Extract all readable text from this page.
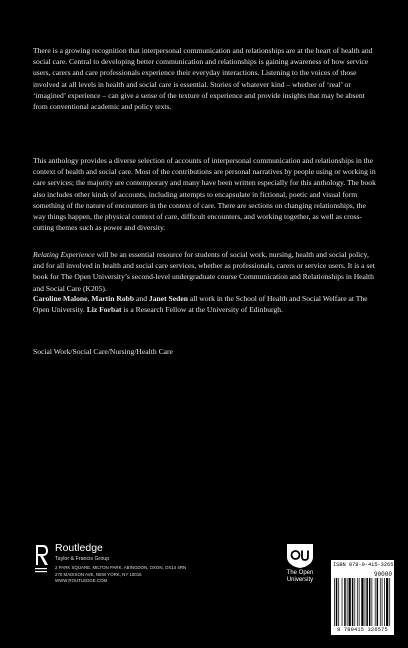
There is a growing recognition that interpersonal communication and relationships are at the heart of health and social care. Central to developing better communication and relationships is gaining awareness of how service users, carers and care professionals experience their everyday interactions. Listening to the voices of those involved at all levels in health and social care is essential. Stories of whatever kind – whether of ‘real’ or ‘imagined’ experience – can give a sense of the texture of experience and provide insights that may be absent from conventional academic and policy texts.
This anthology provides a diverse selection of accounts of interpersonal communication and relationships in the context of health and social care. Most of the contributions are personal narratives by people using or working in care services; the majority are contemporary and many have been written especially for this anthology. The book also includes other kinds of accounts, including attempts to encapsulate in fictional, poetic and visual form something of the nature of encounters in the context of care. There are sections on changing relationships, the way things happen, the physical context of care, difficult encounters, and working together, as well as cross-cutting themes such as power and diversity.
Relating Experience will be an essential resource for students of social work, nursing, health and social policy, and for all involved in health and social care services, whether as professionals, carers or service users. It is a set book for The Open University’s second-level undergraduate course Communication and Relationships in Health and Social Care (K205).
Caroline Malone, Martin Robb and Janet Seden all work in the School of Health and Social Welfare at The Open University. Liz Forbat is a Research Fellow at the University of Edinburgh.
Social Work/Social Care/Nursing/Health Care
Routledge
Taylor & Francis Group
2 PARK SQUARE, MILTON PARK, ABINGDON, OXON, OX14 4RN
270 MADISON AVE, NEW YORK, NY 10016
WWW.ROUTLEDGE.COM
The Open
University
ISBN 978-0-415-32657-5
90000
9 780415 326575
